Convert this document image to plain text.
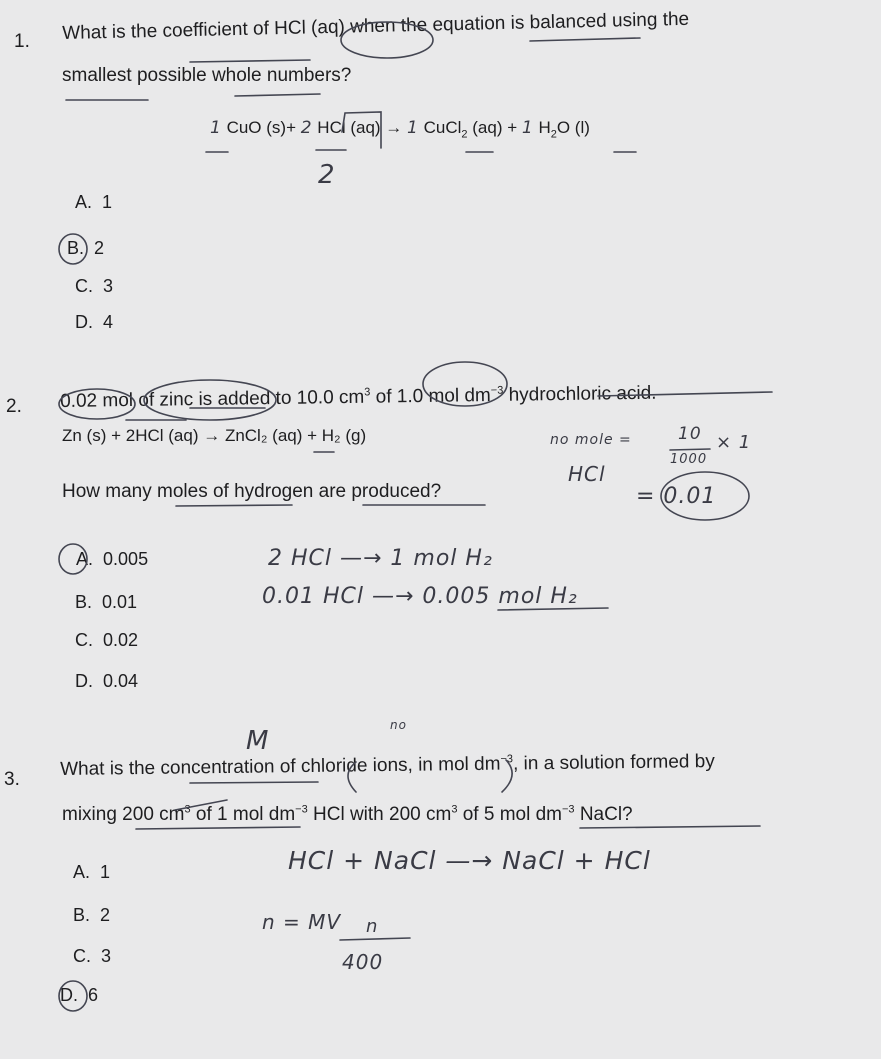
1. What is the coefficient of HCl (aq) when the equation is balanced using the
smallest possible whole numbers?
1 CuO (s)+ 2 HCl (aq) → 1 CuCl$_2$ (aq) + 1 $H_2O$ (l)
2
A. 1
B. 2
C. 3
D. 4
2. 0.02 mol of zinc is added to 10.0 $cm^3$ of 1.0 mol $dm^{-3}$ hydrochloric acid.
Zn (s) + 2HCl (aq) → ZnCl₂ (aq) + H₂ (g)
How many moles of hydrogen are produced?
no mole =	10
1000
× 1
HCl
= 0.01
2 HCl —→ 1 mol H₂
0.01 HCl —→ 0.005 mol H₂
A. 0.005
B. 0.01
C. 0.02
D. 0.04
M
no
3. What is the concentration of chloride ions, in mol $dm^{-3}$, in a solution formed by
mixing 200 $cm^3$ of 1 mol $dm^{-3}$ HCl with 200 $cm^3$ of 5 mol $dm^{-3}$ NaCl?
HCl + NaCl —→ NaCl + HCl
n = MV n
400
A. 1
B. 2
C. 3
D. 6
